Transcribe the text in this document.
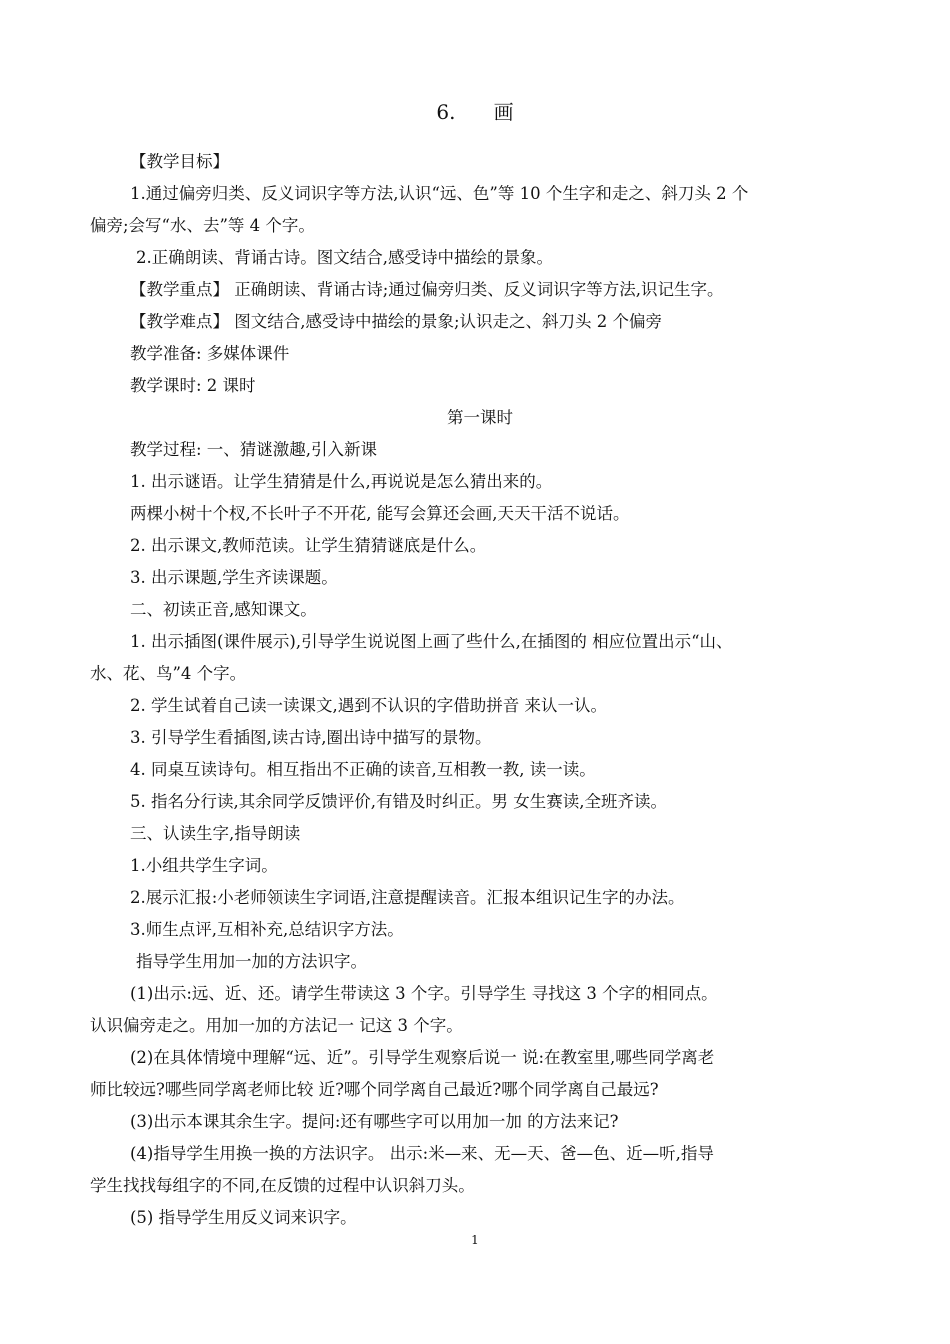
6.      画
【教学目标】
1.通过偏旁归类、反义词识字等方法,认识“远、色”等 10 个生字和走之、斜刀头 2 个
偏旁;会写“水、去”等 4 个字。
2.正确朗读、背诵古诗。图文结合,感受诗中描绘的景象。
【教学重点】 正确朗读、背诵古诗;通过偏旁归类、反义词识字等方法,识记生字。
【教学难点】 图文结合,感受诗中描绘的景象;认识走之、斜刀头 2 个偏旁
教学准备: 多媒体课件
教学课时: 2 课时
第一课时
教学过程: 一、猜谜激趣,引入新课
1. 出示谜语。让学生猜猜是什么,再说说是怎么猜出来的。
两棵小树十个杈,不长叶子不开花, 能写会算还会画,天天干活不说话。
2. 出示课文,教师范读。让学生猜猜谜底是什么。
3. 出示课题,学生齐读课题。
二、初读正音,感知课文。
1. 出示插图(课件展示),引导学生说说图上画了些什么,在插图的 相应位置出示“山、
水、花、鸟”4 个字。
2. 学生试着自己读一读课文,遇到不认识的字借助拼音 来认一认。
3. 引导学生看插图,读古诗,圈出诗中描写的景物。
4. 同桌互读诗句。相互指出不正确的读音,互相教一教, 读一读。
5. 指名分行读,其余同学反馈评价,有错及时纠正。男 女生赛读,全班齐读。
三、认读生字,指导朗读
1.小组共学生字词。
2.展示汇报:小老师领读生字词语,注意提醒读音。汇报本组识记生字的办法。
3.师生点评,互相补充,总结识字方法。
指导学生用加一加的方法识字。
(1)出示:远、近、还。请学生带读这 3 个字。引导学生 寻找这 3 个字的相同点。
认识偏旁走之。用加一加的方法记一 记这 3 个字。
(2)在具体情境中理解“远、近”。引导学生观察后说一 说:在教室里,哪些同学离老
师比较远?哪些同学离老师比较 近?哪个同学离自己最近?哪个同学离自己最远?
(3)出示本课其余生字。提问:还有哪些字可以用加一加 的方法来记?
(4)指导学生用换一换的方法识字。 出示:米—来、无—天、爸—色、近—听,指导
学生找找每组字的不同,在反馈的过程中认识斜刀头。
(5) 指导学生用反义词来识字。
1
